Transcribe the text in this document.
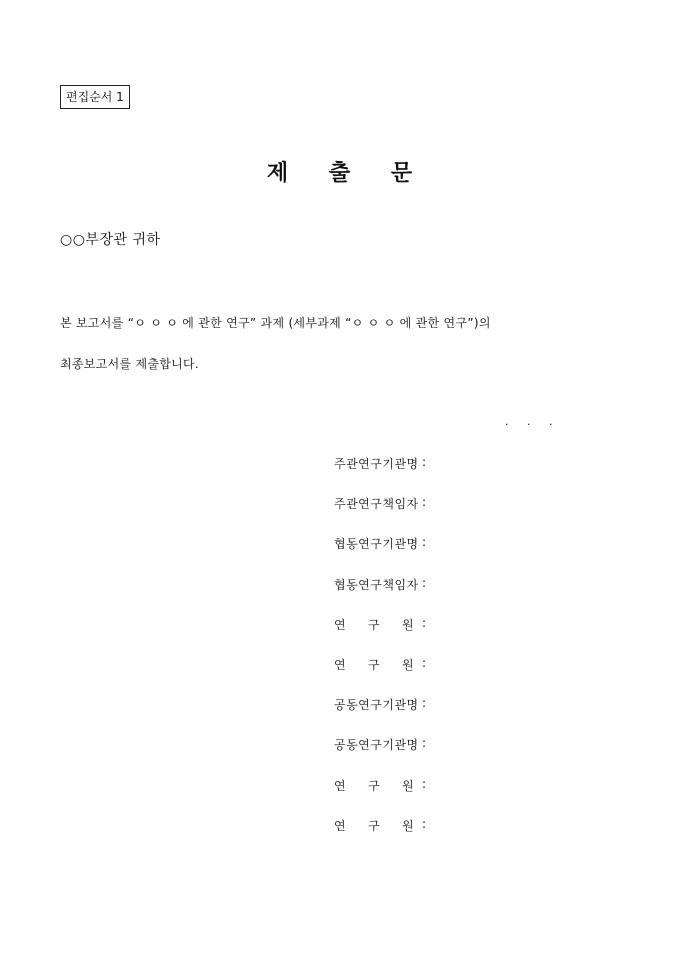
편집순서 1
제 출 문
○○부장관 귀하
본 보고서를 “ㅇ ㅇ ㅇ 에 관한 연구” 과제 (세부과제 “ㅇ ㅇ ㅇ 에 관한 연구”)의
최종보고서를 제출합니다.
.   .   .
주관연구기관명 :
주관연구책임자 :
협동연구기관명 :
협동연구책임자 :
연 구 원 :
연 구 원 :
공동연구기관명 :
공동연구기관명 :
연 구 원 :
연 구 원 :
